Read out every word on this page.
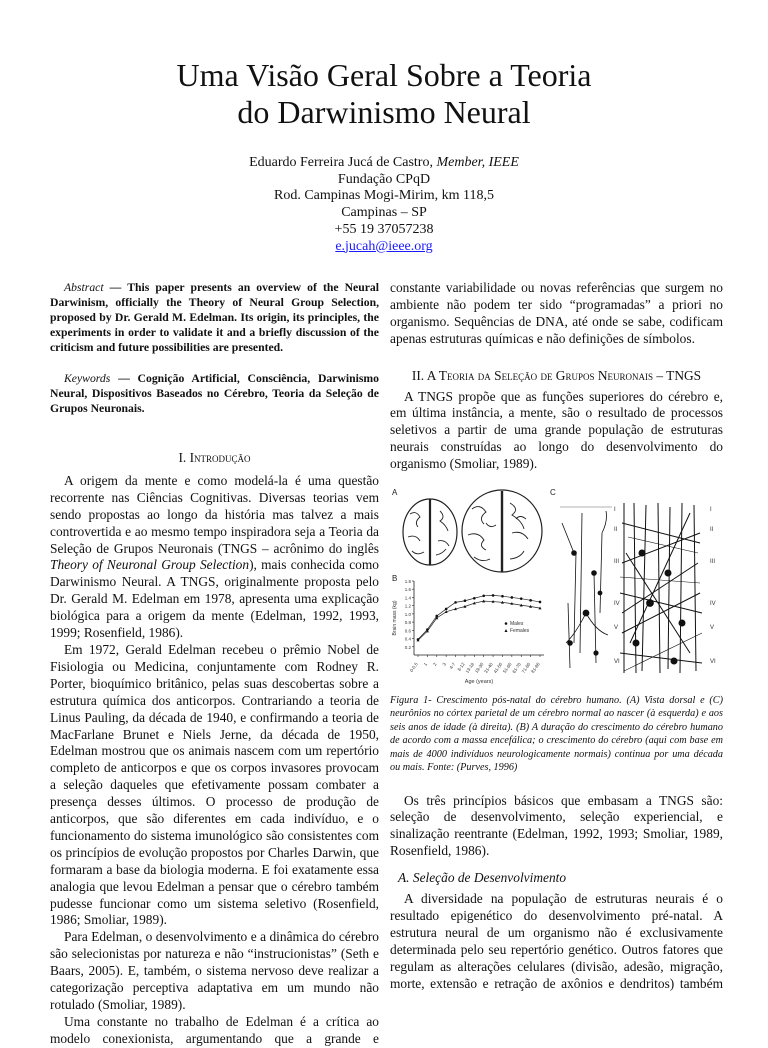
Uma Visão Geral Sobre a Teoria
do Darwinismo Neural
Eduardo Ferreira Jucá de Castro, Member, IEEE
Fundação CPqD
Rod. Campinas Mogi-Mirim, km 118,5
Campinas – SP
+55 19 37057238
e.jucah@ieee.org

Abstract — This paper presents an overview of the Neural Darwinism, officially the Theory of Neural Group Selection, proposed by Dr. Gerald M. Edelman. Its origin, its principles, the experiments in order to validate it and a briefly discussion of the criticism and future possibilities are presented.

Keywords — Cognição Artificial, Consciência, Darwinismo Neural, Dispositivos Baseados no Cérebro, Teoria da Seleção de Grupos Neuronais.

I. Introdução

A origem da mente e como modelá-la é uma questão recorrente nas Ciências Cognitivas. Diversas teorias vem sendo propostas ao longo da história mas talvez a mais controvertida e ao mesmo tempo inspiradora seja a Teoria da Seleção de Grupos Neuronais (TNGS – acrônimo do inglês Theory of Neuronal Group Selection), mais conhecida como Darwinismo Neural. A TNGS, originalmente proposta pelo Dr. Gerald M. Edelman em 1978, apresenta uma explicação biológica para a origem da mente (Edelman, 1992, 1993, 1999; Rosenfield, 1986).

Em 1972, Gerald Edelman recebeu o prêmio Nobel de Fisiologia ou Medicina, conjuntamente com Rodney R. Porter, bioquímico britânico, pelas suas descobertas sobre a estrutura química dos anticorpos. Contrariando a teoria de Linus Pauling, da década de 1940, e confirmando a teoria de MacFarlane Brunet e Niels Jerne, da década de 1950, Edelman mostrou que os animais nascem com um repertório completo de anticorpos e que os corpos invasores provocam a seleção daqueles que efetivamente possam combater a presença desses últimos. O processo de produção de anticorpos, que são diferentes em cada indivíduo, e o funcionamento do sistema imunológico são consistentes com os princípios de evolução propostos por Charles Darwin, que formaram a base da biologia moderna. E foi exatamente essa analogia que levou Edelman a pensar que o cérebro também pudesse funcionar como um sistema seletivo (Rosenfield, 1986; Smoliar, 1989).

Para Edelman, o desenvolvimento e a dinâmica do cérebro são selecionistas por natureza e não “instrucionistas” (Seth e Baars, 2005). E, também, o sistema nervoso deve realizar a categorização perceptiva adaptativa em um mundo não rotulado (Smoliar, 1989).

Uma constante no trabalho de Edelman é a crítica ao modelo conexionista, argumentando que a grande e

constante variabilidade ou novas referências que surgem no ambiente não podem ter sido “programadas” a priori no organismo. Sequências de DNA, até onde se sabe, codificam apenas estruturas químicas e não definições de símbolos.

II. A Teoria da Seleção de Grupos Neuronais – TNGS

A TNGS propõe que as funções superiores do cérebro e, em última instância, a mente, são o resultado de processos seletivos a partir de uma grande população de estruturas neurais construídas ao longo do desenvolvimento do organismo (Smoliar, 1989).

A
B
C
0.2
0.4
0.6
0.8
1.0
1.2
1.4
1.6
1.8
0-0.5 1 2 3 4-7 8-12
13-18
19-30
31-40
41-50
51-60
61-70
71-80
81-86
Brain mass (kg)
Age (years)
Males
Females
I	I
II	II
III	III
IV	IV
V	V
VI	VI

Figura 1- Crescimento pós-natal do cérebro humano. (A) Vista dorsal e (C) neurônios no córtex parietal de um cérebro normal ao nascer (à esquerda) e aos seis anos de idade (à direita). (B) A duração do crescimento do cérebro humano de acordo com a massa encefálica; o crescimento do cérebro (aqui com base em mais de 4000 indivíduos neurologicamente normais) continua por uma década ou mais. Fonte: (Purves, 1996)

Os três princípios básicos que embasam a TNGS são: seleção de desenvolvimento, seleção experiencial, e sinalização reentrante (Edelman, 1992, 1993; Smoliar, 1989, Rosenfield, 1986).

A. Seleção de Desenvolvimento

A diversidade na população de estruturas neurais é o resultado epigenético do desenvolvimento pré-natal. A estrutura neural de um organismo não é exclusivamente determinada pelo seu repertório genético. Outros fatores que regulam as alterações celulares (divisão, adesão, migração, morte, extensão e retração de axônios e dendritos) também
